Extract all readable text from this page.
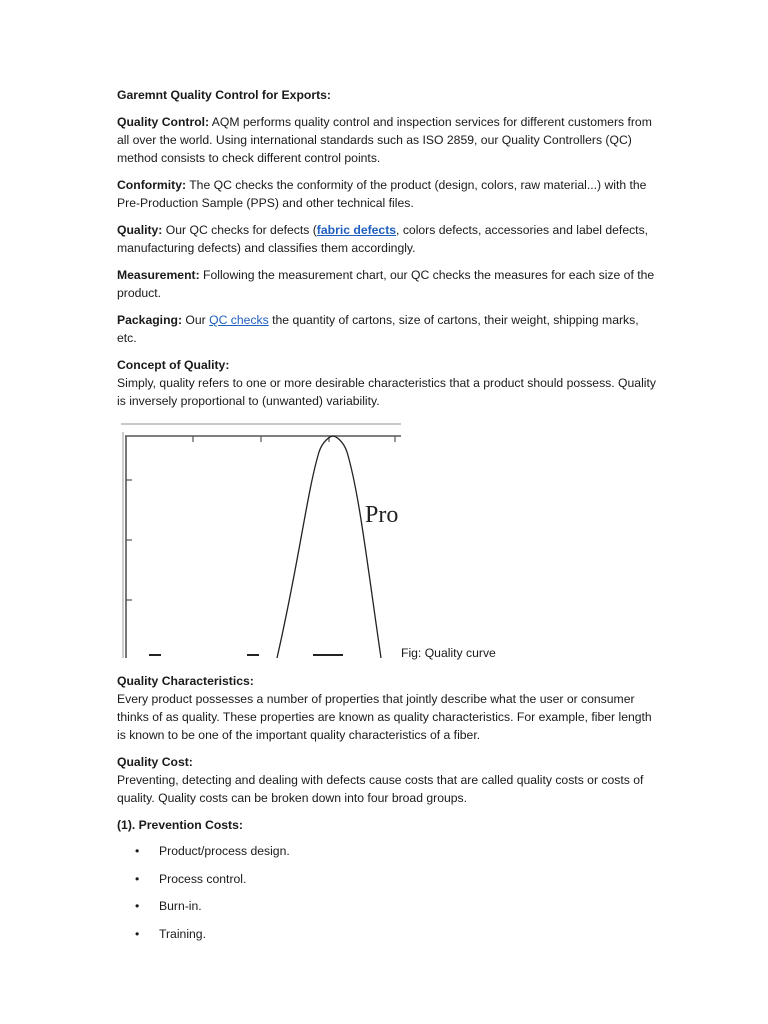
Garemnt Quality Control for Exports:

Quality Control: AQM performs quality control and inspection services for different customers from all over the world. Using international standards such as ISO 2859, our Quality Controllers (QC) method consists to check different control points.

Conformity: The QC checks the conformity of the product (design, colors, raw material...) with the Pre-Production Sample (PPS) and other technical files.

Quality: Our QC checks for defects (fabric defects, colors defects, accessories and label defects, manufacturing defects) and classifies them accordingly.

Measurement: Following the measurement chart, our QC checks the measures for each size of the product.

Packaging: Our QC checks the quantity of cartons, size of cartons, their weight, shipping marks, etc.

Concept of Quality:
Simply, quality refers to one or more desirable characteristics that a product should possess. Quality is inversely proportional to (unwanted) variability.

Pro
Fig: Quality curve

Quality Characteristics:
Every product possesses a number of properties that jointly describe what the user or consumer thinks of as quality. These properties are known as quality characteristics. For example, fiber length is known to be one of the important quality characteristics of a fiber.

Quality Cost:
Preventing, detecting and dealing with defects cause costs that are called quality costs or costs of quality. Quality costs can be broken down into four broad groups.

(1). Prevention Costs:

• Product/process design.
• Process control.
• Burn-in.
• Training.
